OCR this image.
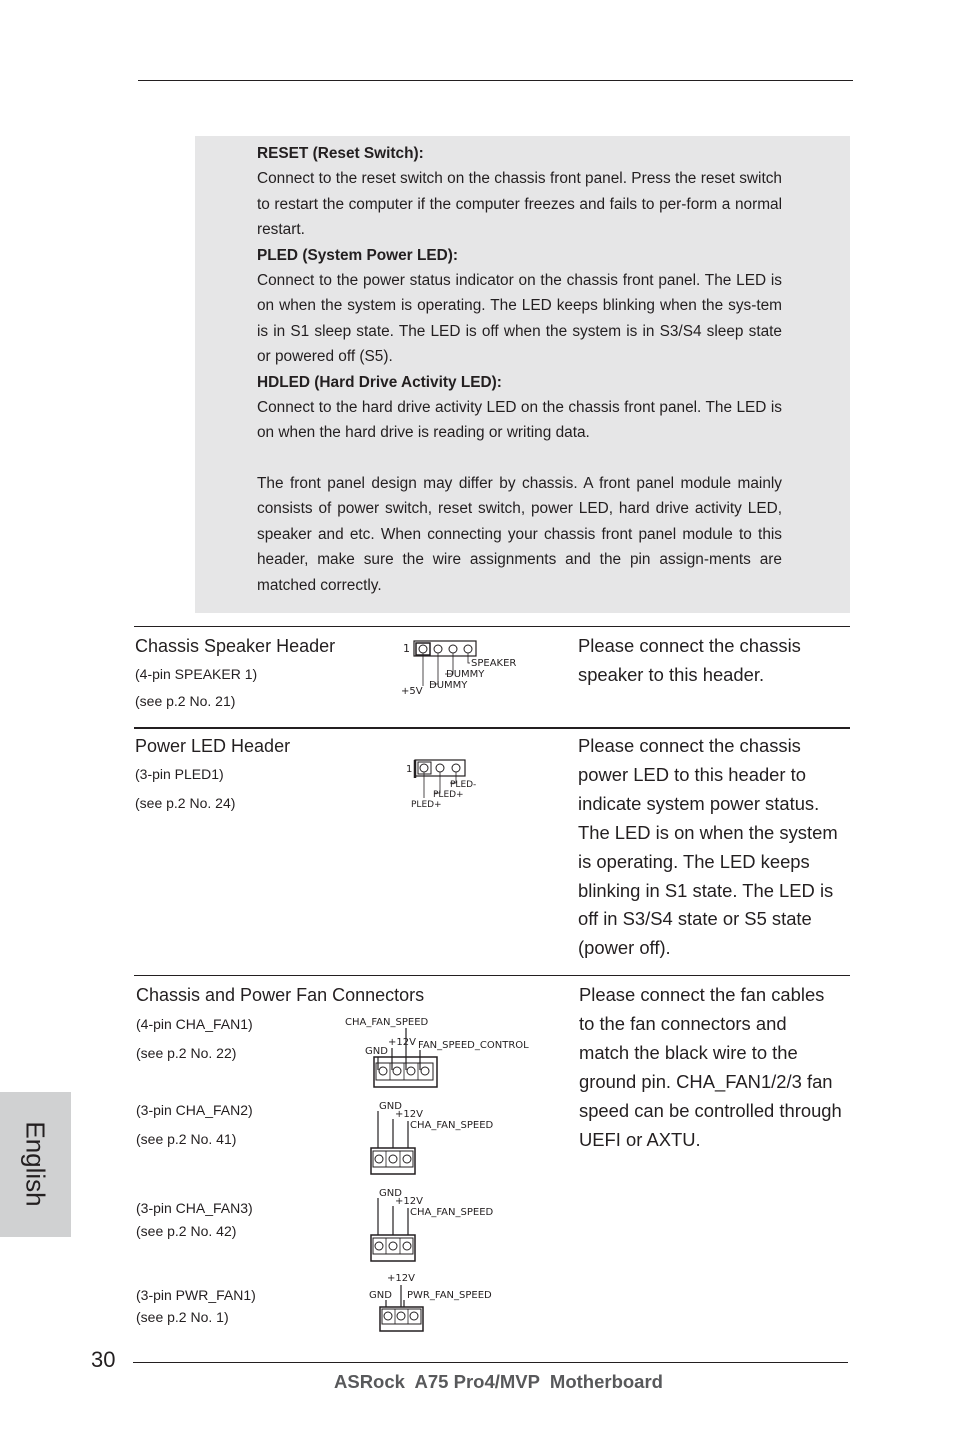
RESET (Reset Switch):
Connect to the reset switch on the chassis front panel. Press the reset switch to restart the computer if the computer freezes and fails to per-form a normal restart.
PLED (System Power LED):
Connect to the power status indicator on the chassis front panel. The LED is on when the system is operating. The LED keeps blinking when the sys-tem is in S1 sleep state. The LED is off when the system is in S3/S4 sleep state or powered off (S5).
HDLED (Hard Drive Activity LED):
Connect to the hard drive activity LED on the chassis front panel. The LED is on when the hard drive is reading or writing data.
The front panel design may differ by chassis. A front panel module mainly consists of power switch, reset switch, power LED, hard drive activity LED, speaker and etc. When connecting your chassis front panel module to this header, make sure the wire assignments and the pin assign-ments are matched correctly.
Chassis Speaker Header
(4-pin SPEAKER 1)
(see p.2 No. 21)
Please connect the chassis
speaker to this header.
1
SPEAKER
DUMMY
+5V
DUMMY
Power LED Header
(3-pin PLED1)
(see p.2 No. 24)
Please connect the chassis
power LED to this header to
indicate system power status.
The LED is on when the system
is operating. The LED keeps
blinking in S1 state. The LED is
off in S3/S4 state or S5 state
(power off).
1
PLED-
PLED+
PLED+
Chassis and Power Fan Connectors	Please connect the fan cables
to the fan connectors and
match the black wire to the
ground pin. CHA_FAN1/2/3 fan
speed can be controlled through
UEFI or AXTU.
(4-pin CHA_FAN1)
(see p.2 No. 22)
CHA_FAN_SPEED
+12V
GND
FAN_SPEED_CONTROL
(3-pin CHA_FAN2)
(see p.2 No. 41)
GND
+12V
CHA_FAN_SPEED
(3-pin CHA_FAN3)
(see p.2 No. 42)
GND
+12V
CHA_FAN_SPEED
(3-pin PWR_FAN1)
(see p.2 No. 1)
+12V
GND PWR_FAN_SPEED
English
30
ASRock  A75 Pro4/MVP  Motherboard
